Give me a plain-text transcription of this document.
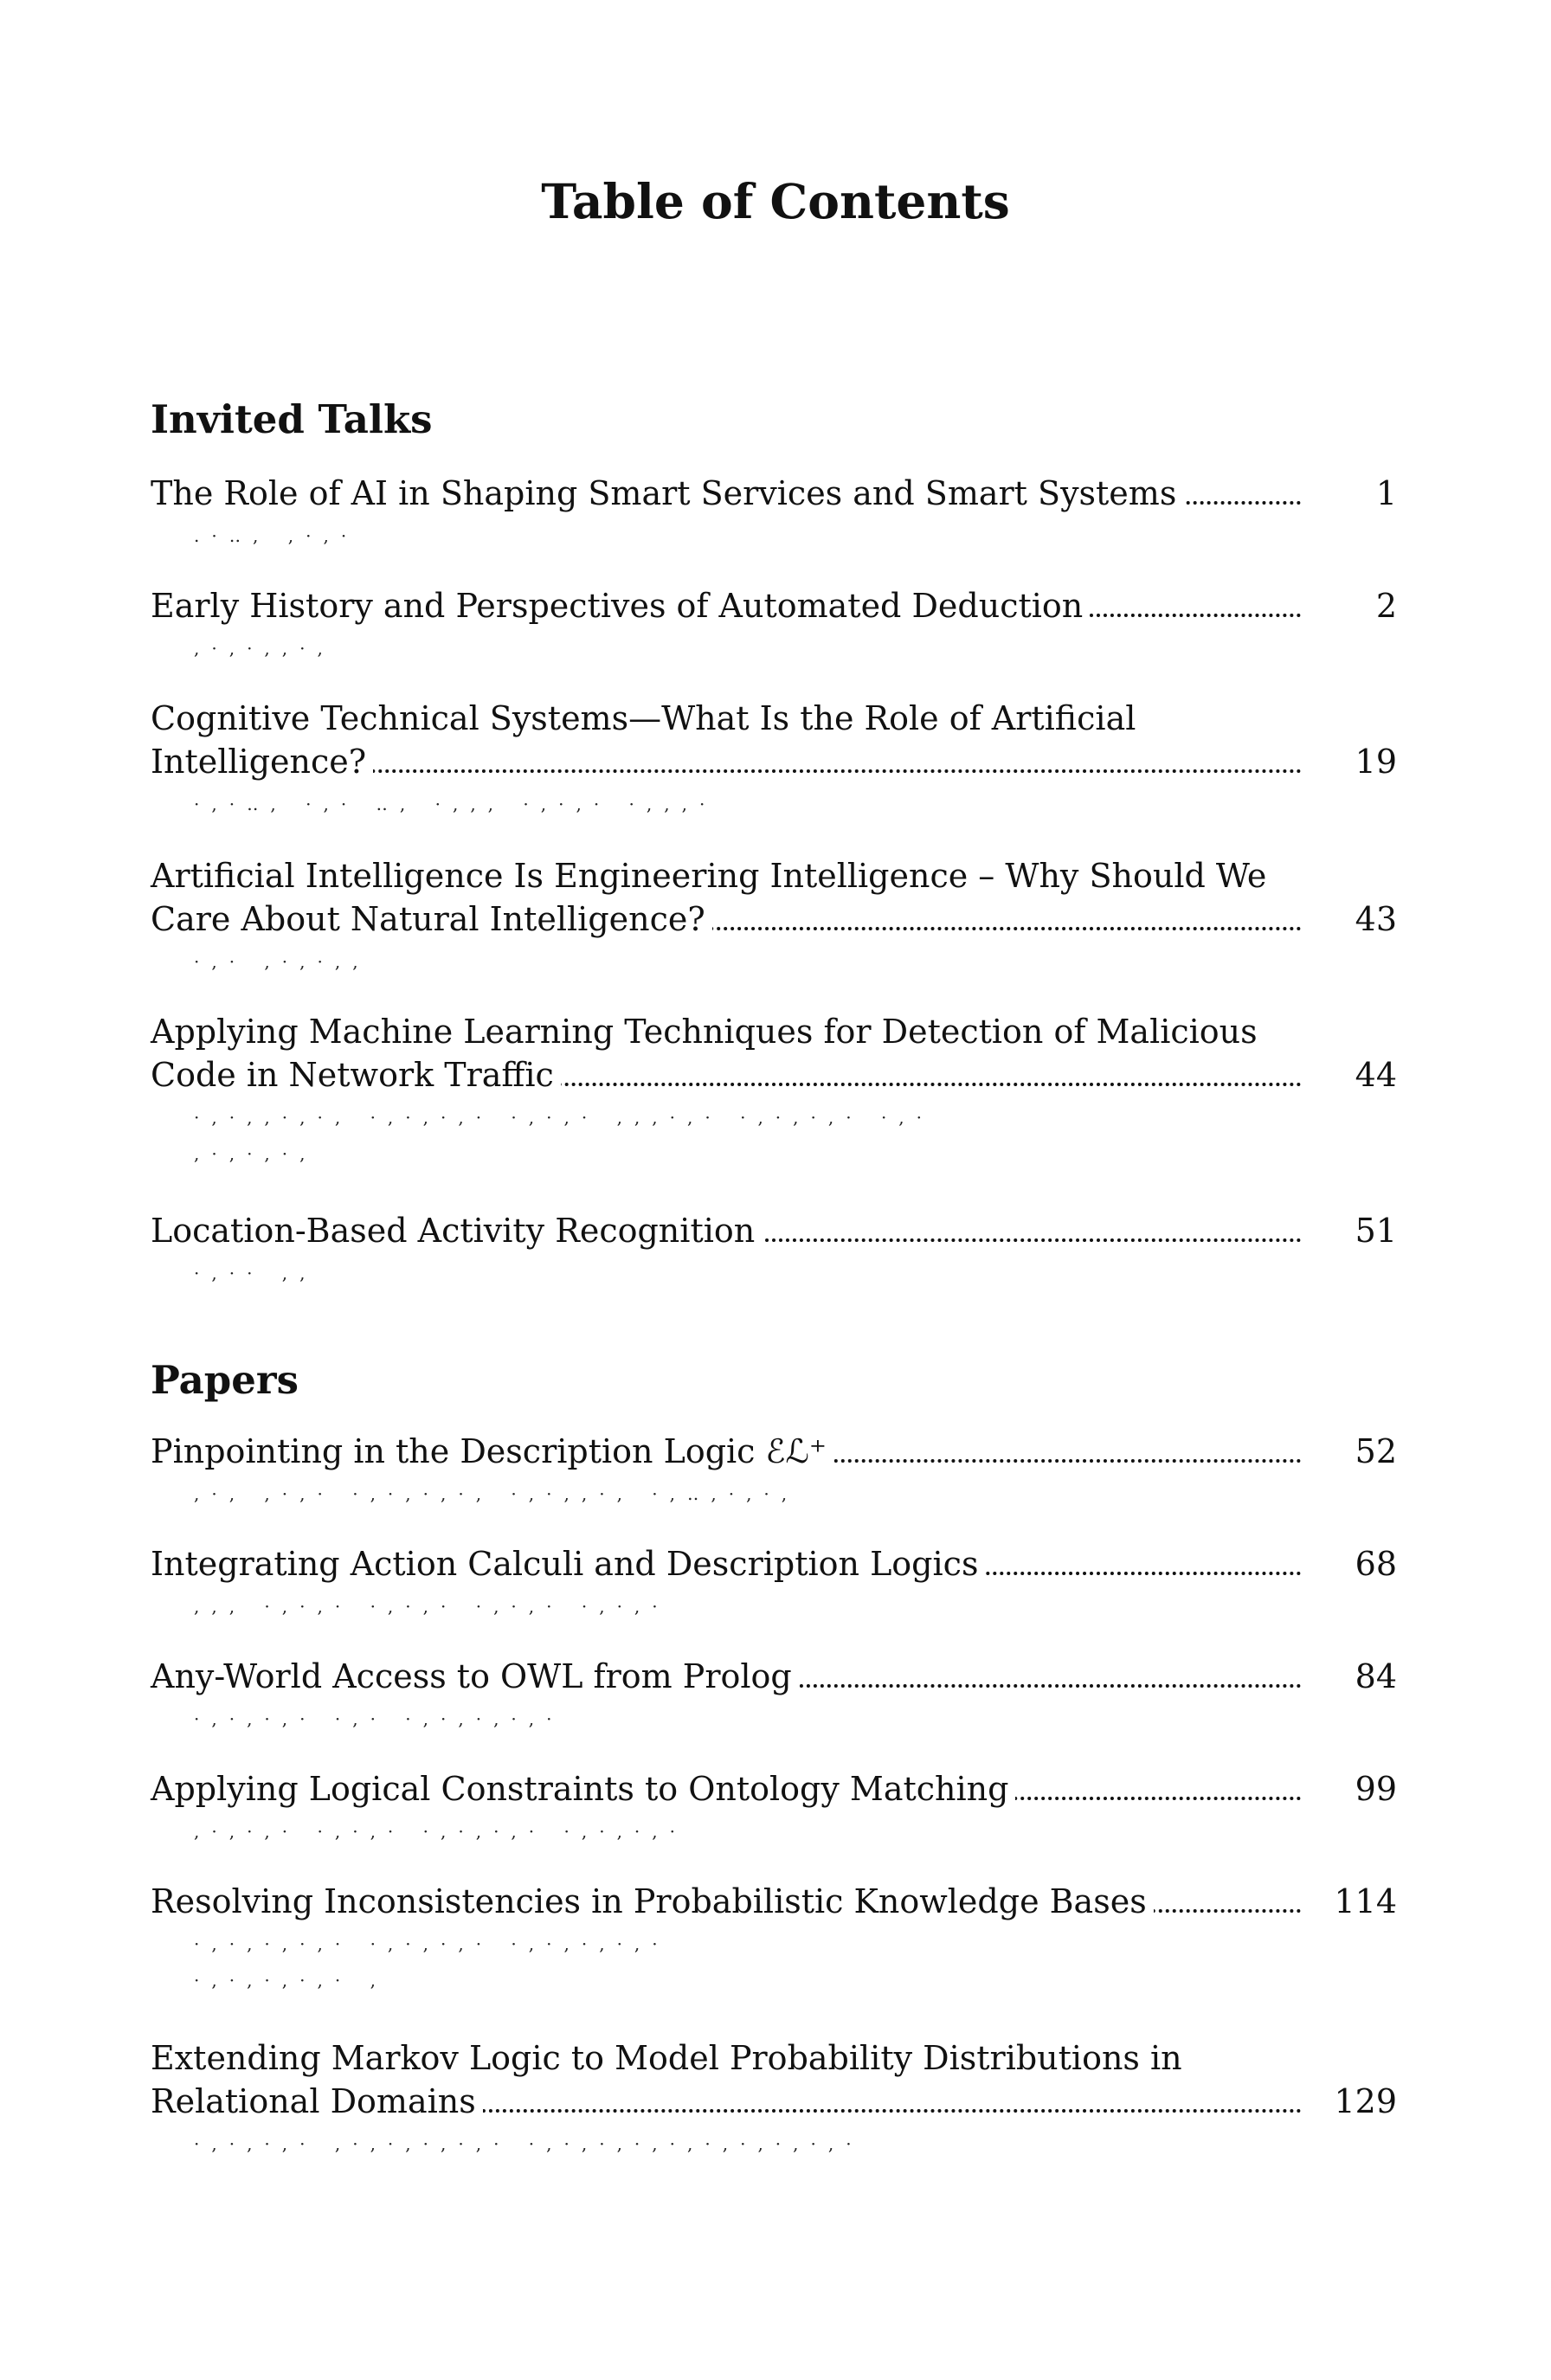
Table of Contents
Invited Talks
The Role of AI in Shaping Smart Services and Smart Systems	1
.·‥, ,·,·
Early History and Perspectives of Automated Deduction	2
,·,·,,·,
Cognitive Technical Systems—What Is the Role of Artificial
Intelligence?	19
·,·‥, ·,· ‥, ·,,, ·,·,· ·,,,·
Artificial Intelligence Is Engineering Intelligence – Why Should We
Care About Natural Intelligence?	43
·,· ,·,·,,
Applying Machine Learning Techniques for Detection of Malicious
Code in Network Traffic	44
·,·,,·,·, ·,·,·,· ·,·,· ,,,·,· ·,·,·,· ·,·
,·,·,·,
Location-Based Activity Recognition	51
·,·· ,,
Papers
Pinpointing in the Description Logic ℰℒ⁺	52
,·, ,·,· ·,·,·,·, ·,·,,·, ·,‥,·,·,
Integrating Action Calculi and Description Logics	68
,,, ·,·,· ·,·,· ·,·,· ·,·,·
Any-World Access to OWL from Prolog	84
·,·,·,· ·,· ·,·,·,·,·
Applying Logical Constraints to Ontology Matching	99
,·,·,· ·,·,· ·,·,·,· ·,·,·,·
Resolving Inconsistencies in Probabilistic Knowledge Bases	114
·,·,·,·,· ·,·,·,· ·,·,·,·,·
·,·,·,·,· ,
Extending Markov Logic to Model Probability Distributions in
Relational Domains	129
·,·,·,· ,·,·,·,·,· ·,·,·,·,·,·,·,·,·,·
